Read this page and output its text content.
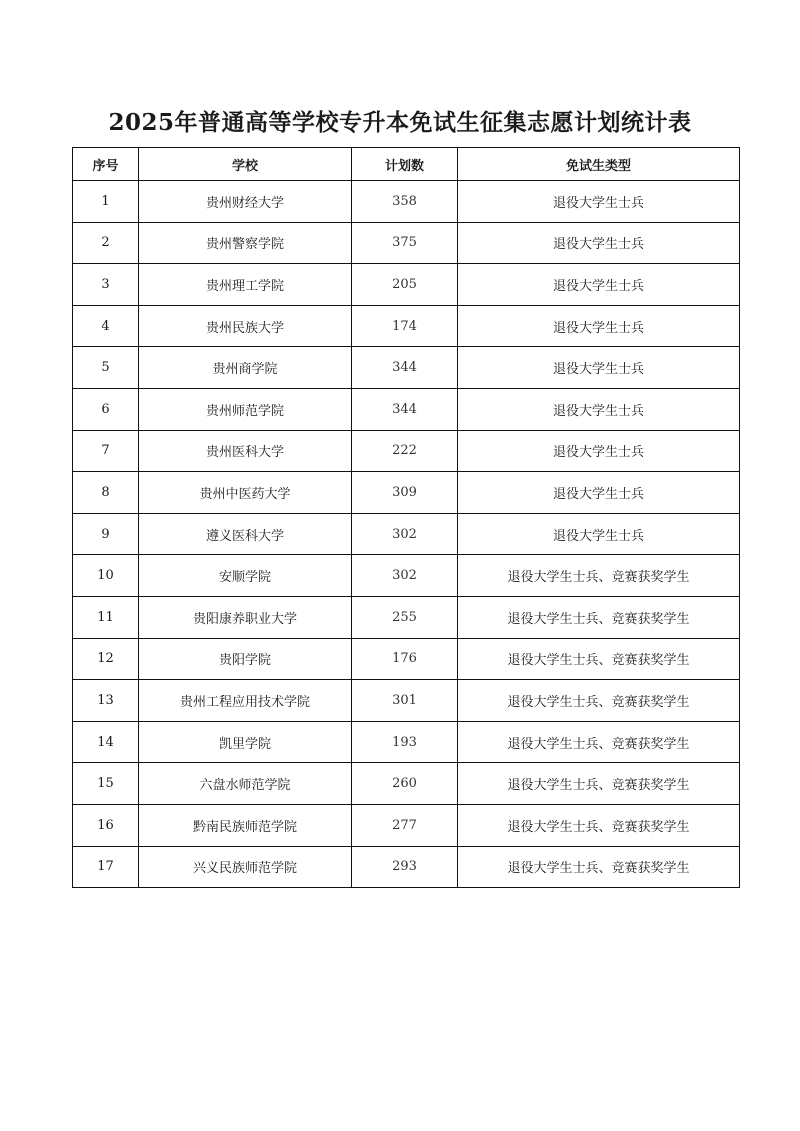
2025年普通高等学校专升本免试生征集志愿计划统计表
序号	学校	计划数	免试生类型
1	贵州财经大学	358	退役大学生士兵
2	贵州警察学院	375	退役大学生士兵
3	贵州理工学院	205	退役大学生士兵
4	贵州民族大学	174	退役大学生士兵
5	贵州商学院	344	退役大学生士兵
6	贵州师范学院	344	退役大学生士兵
7	贵州医科大学	222	退役大学生士兵
8	贵州中医药大学	309	退役大学生士兵
9	遵义医科大学	302	退役大学生士兵
10	安顺学院	302	退役大学生士兵、竞赛获奖学生
11	贵阳康养职业大学	255	退役大学生士兵、竞赛获奖学生
12	贵阳学院	176	退役大学生士兵、竞赛获奖学生
13	贵州工程应用技术学院	301	退役大学生士兵、竞赛获奖学生
14	凯里学院	193	退役大学生士兵、竞赛获奖学生
15	六盘水师范学院	260	退役大学生士兵、竞赛获奖学生
16	黔南民族师范学院	277	退役大学生士兵、竞赛获奖学生
17	兴义民族师范学院	293	退役大学生士兵、竞赛获奖学生
